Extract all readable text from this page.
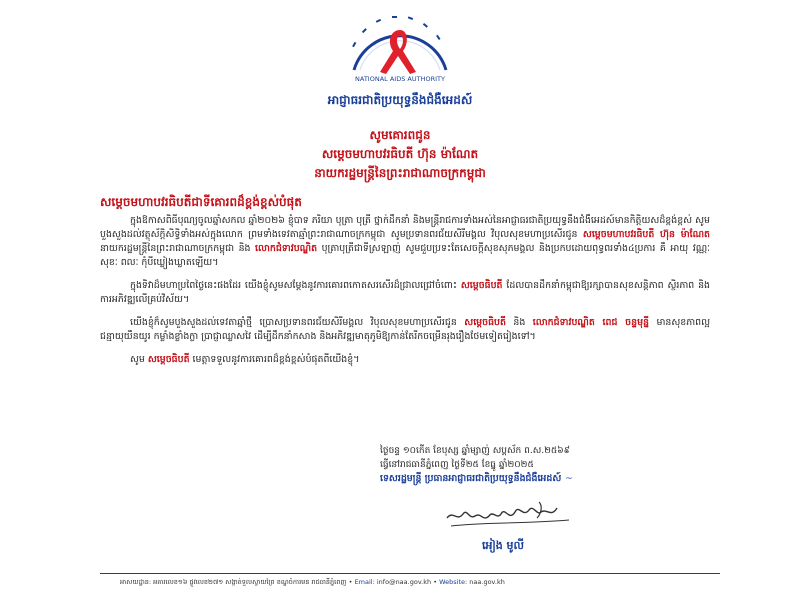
NATIONAL AIDS AUTHORITY
អាជ្ញាធរជាតិប្រយុទ្ធនឹងជំងឺអេដស៍
សូមគោរពជូន
សម្ដេចមហាបវរធិបតី ហ៊ុន ម៉ាណែត
នាយករដ្ឋមន្ត្រីនៃព្រះរាជាណាចក្រកម្ពុជា
សម្ដេចមហាបវរធិបតីជាទីគោរពដ៏ខ្ពង់ខ្ពស់បំផុត

ក្នុងឱកាសពិធីបុណ្យចូលឆ្នាំសកល ឆ្នាំ២០២៦ ខ្ញុំបាទ ភរិយា បុត្រា បុត្រី ថ្នាក់ដឹកនាំ និងមន្ត្រីរាជការទាំងអស់នៃអាជ្ញាធរជាតិប្រយុទ្ធនឹងជំងឺអេដស៍មានកិត្តិយសដ៏ខ្ពង់ខ្ពស់ សូមបួងសួងដល់វត្ថុស័ក្តិសិទ្ធិទាំងអស់ក្នុងលោក ព្រមទាំងទេវតាឆ្មាំព្រះរាជាណាចក្រកម្ពុជា សូមប្រទានពរជ័យសិរីមង្គល វិបុលសុខមហាប្រសើរជូន សម្ដេចមហាបវរធិបតី ហ៊ុន ម៉ាណែត នាយករដ្ឋមន្ត្រីនៃព្រះរាជាណាចក្រកម្ពុជា និង លោកជំទាវបណ្ឌិត បុត្រាបុត្រីជាទីស្រឡាញ់ សូមជួបប្រទះតែសេចក្តីសុខសុភមង្គល និងប្រកបដោយពុទ្ធពរទាំង៤ប្រការ គឺ អាយុ វណ្ណៈ សុខៈ ពលៈ កុំបីឃ្លៀងឃ្លាតឡើយ។

ក្នុងទិវាដ៏មហាប្រពៃថ្ងៃនេះផងដែរ យើងខ្ញុំសូមសម្ដែងនូវការគោរពកោតសរសើរដ៏ជ្រាលជ្រៅចំពោះ សម្ដេចធិបតី ដែលបានដឹកនាំកម្ពុជាឱ្យរក្សាបានសុខសន្តិភាព ស្ថិរភាព និងការអភិវឌ្ឍលើគ្រប់វិស័យ។

យើងខ្ញុំក៏សូមបួងសួងដល់ទេវតាឆ្នាំថ្មី ប្រោសប្រទានពរជ័យសិរីមង្គល វិបុលសុខមហាប្រសើរជូន សម្ដេចធិបតី និង លោកជំទាវបណ្ឌិត ពេជ ចន្ទមុន្នី មានសុខភាពល្អ ជន្មាយុយឺនយូរ កម្លាំងខ្លាំងក្លា ប្រាជ្ញាឈ្លាសវៃ ដើម្បីដឹកនាំកសាង និងអភិវឌ្ឍមាតុភូមិឱ្យកាន់តែរីកចម្រើនរុងរឿងថែមទៀតរៀងទៅ។

សូម សម្ដេចធិបតី មេត្តាទទួលនូវការគោរពដ៏ខ្ពង់ខ្ពស់បំផុតពីយើងខ្ញុំ។

ថ្ងៃចន្ទ ១០កើត ខែបុស្ស ឆ្នាំម្សាញ់ សប្តស័ក ព.ស.២៥៦៩
ធ្វើនៅរាជធានីភ្នំពេញ ថ្ងៃទី២៥ ខែធ្នូ ឆ្នាំ២០២៥
ទេសរដ្ឋមន្ត្រី ប្រធានអាជ្ញាធរជាតិប្រយុទ្ធនឹងជំងឺអេដស៍ ~
អៀង មូលី
អាសយដ្ឋាន: អគារលេខ១៦ ផ្លូវលេខ២៧១ សង្កាត់ទួលស្វាយព្រៃ ខណ្ឌចំការមន រាជធានីភ្នំពេញ • Email: info@naa.gov.kh • Website: naa.gov.kh
